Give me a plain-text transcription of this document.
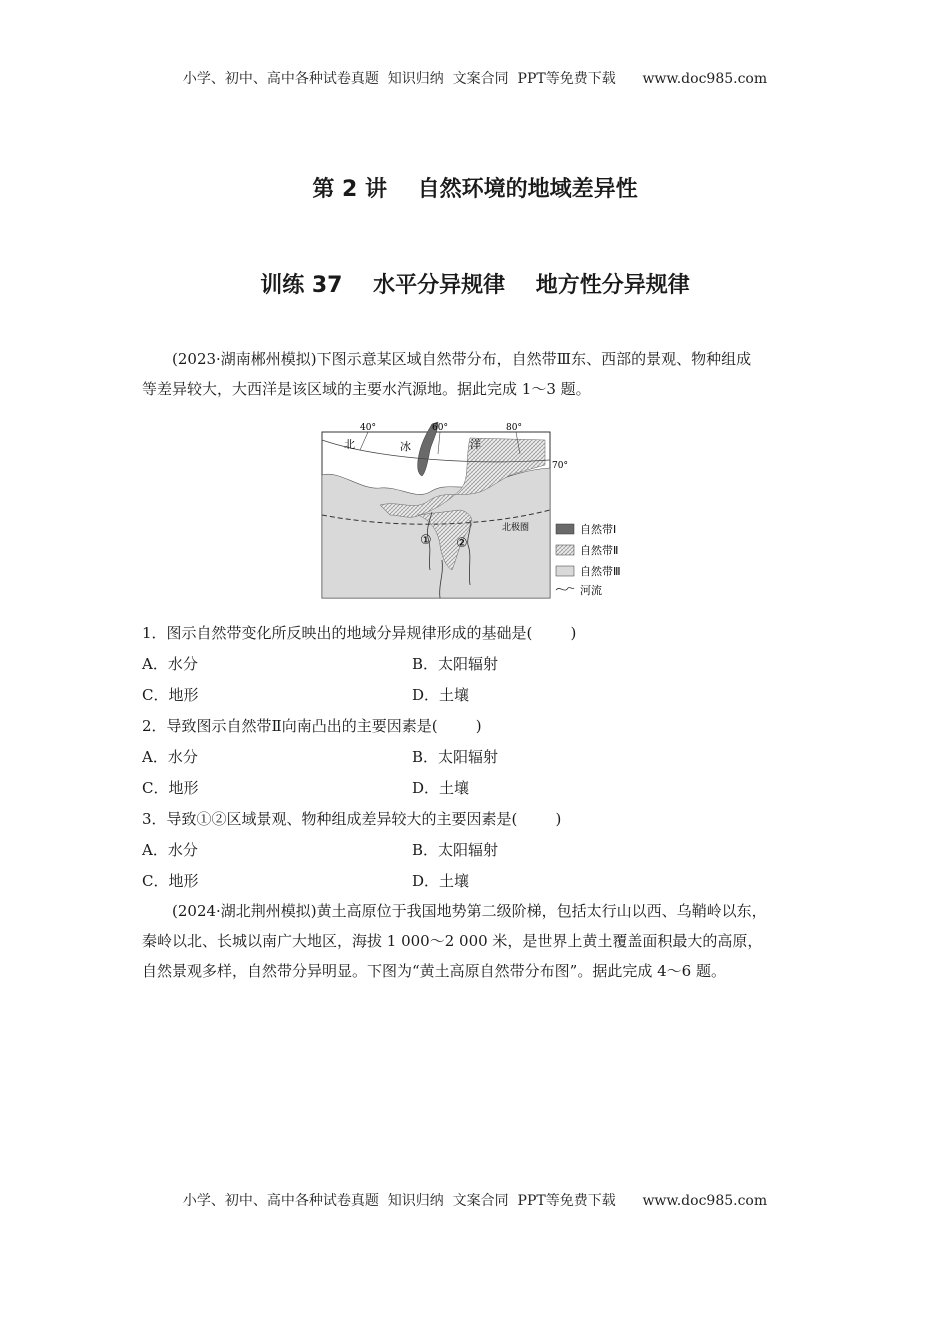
小学、初中、高中各种试卷真题  知识归纳  文案合同  PPT等免费下载      www.doc985.com
第 2 讲    自然环境的地域差异性
训练 37    水平分异规律    地方性分异规律
(2023·湖南郴州模拟)下图示意某区域自然带分布，自然带Ⅲ东、西部的景观、物种组成
等差异较大，大西洋是该区域的主要水汽源地。据此完成 1～3 题。
40°	60°	80°
70°
北	冰	洋
北极圈
① ②
自然带Ⅰ
自然带Ⅱ
自然带Ⅲ
河流
1．图示自然带变化所反映出的地域分异规律形成的基础是(        )
A．水分	B．太阳辐射
C．地形	D．土壤
2．导致图示自然带Ⅱ向南凸出的主要因素是(        )
A．水分	B．太阳辐射
C．地形	D．土壤
3．导致①②区域景观、物种组成差异较大的主要因素是(        )
A．水分	B．太阳辐射
C．地形	D．土壤
(2024·湖北荆州模拟)黄土高原位于我国地势第二级阶梯，包括太行山以西、乌鞘岭以东，
秦岭以北、长城以南广大地区，海拔 1 000～2 000 米，是世界上黄土覆盖面积最大的高原，
自然景观多样，自然带分异明显。下图为“黄土高原自然带分布图”。据此完成 4～6 题。
小学、初中、高中各种试卷真题  知识归纳  文案合同  PPT等免费下载      www.doc985.com
